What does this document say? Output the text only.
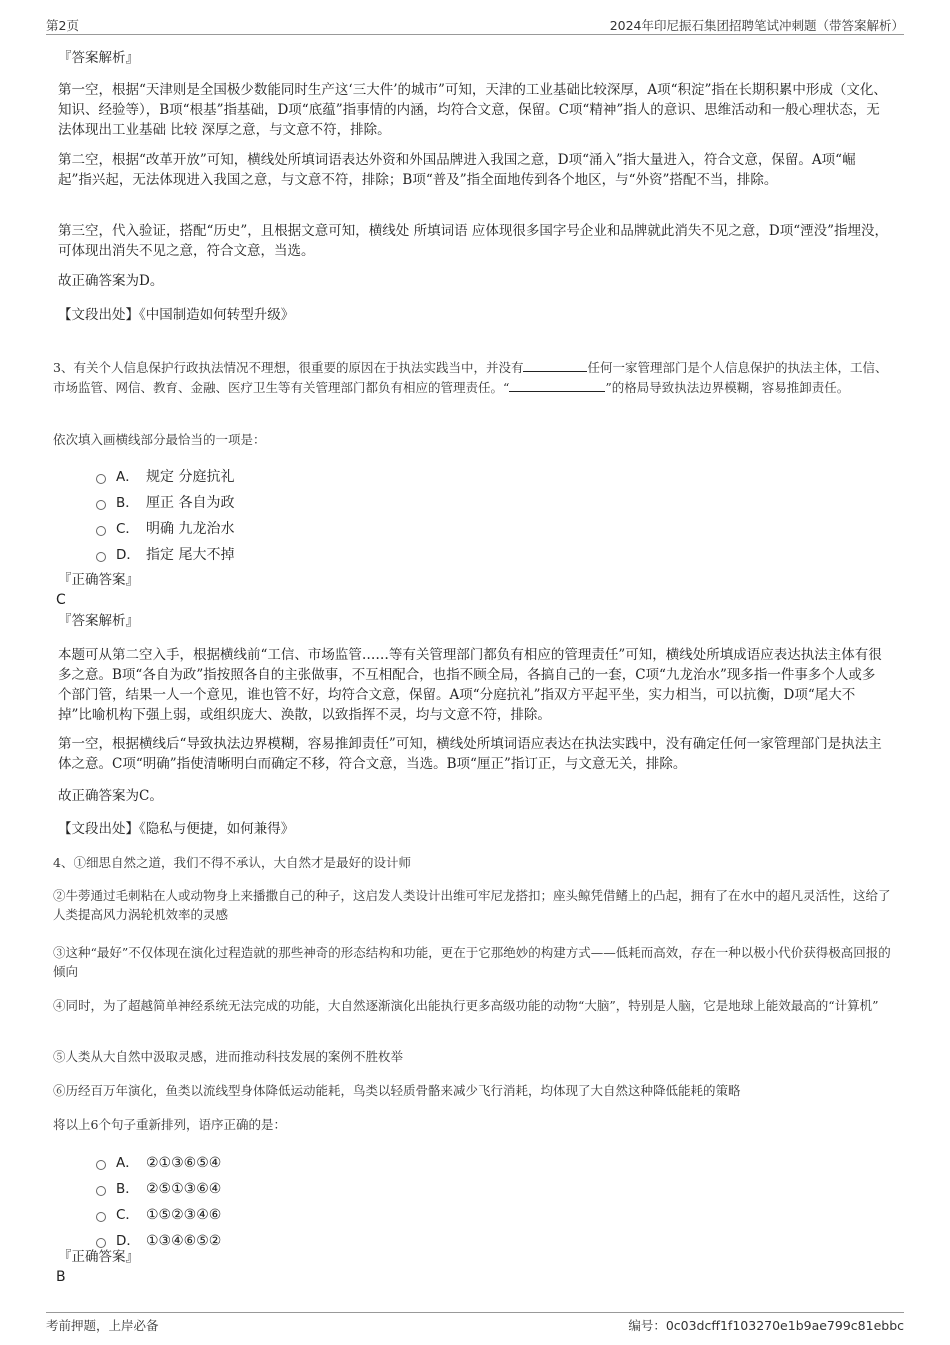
第2页	2024年印尼振石集团招聘笔试冲刺题（带答案解析）

『答案解析』

第一空，根据“天津则是全国极少数能同时生产这‘三大件’的城市”可知，天津的工业基础比较深厚，A项“积淀”指在长期积累中形成（文化、知识、经验等），B项“根基”指基础，D项“底蕴”指事情的内涵，均符合文意，保留。C项“精神”指人的意识、思维活动和一般心理状态，无法体现出工业基础 比较 深厚之意，与文意不符，排除。

第二空，根据“改革开放”可知，横线处所填词语表达外资和外国品牌进入我国之意，D项“涌入”指大量进入，符合文意，保留。A项“崛起”指兴起，无法体现进入我国之意，与文意不符，排除；B项“普及”指全面地传到各个地区，与“外资”搭配不当，排除。

第三空，代入验证，搭配“历史”，且根据文意可知，横线处 所填词语 应体现很多国字号企业和品牌就此消失不见之意，D项“湮没”指埋没，可体现出消失不见之意，符合文意，当选。

故正确答案为D。

【文段出处】《中国制造如何转型升级》

3、有关个人信息保护行政执法情况不理想，很重要的原因在于执法实践当中，并没有	任何一家管理部门是个人信息保护的执法主体，工信、市场监管、网信、教育、金融、医疗卫生等有关管理部门都负有相应的管理责任。“	”的格局导致执法边界模糊，容易推卸责任。

依次填入画横线部分最恰当的一项是：

A． 规定 分庭抗礼
B． 厘正 各自为政
C． 明确 九龙治水
D． 指定 尾大不掉

『正确答案』

C

『答案解析』

本题可从第二空入手，根据横线前“工信、市场监管……等有关管理部门都负有相应的管理责任”可知，横线处所填成语应表达执法主体有很多之意。B项“各自为政”指按照各自的主张做事，不互相配合，也指不顾全局，各搞自己的一套，C项“九龙治水”现多指一件事多个人或多个部门管，结果一人一个意见，谁也管不好，均符合文意，保留。A项“分庭抗礼”指双方平起平坐，实力相当，可以抗衡，D项“尾大不掉”比喻机构下强上弱，或组织庞大、涣散，以致指挥不灵，均与文意不符，排除。

第一空，根据横线后“导致执法边界模糊，容易推卸责任”可知，横线处所填词语应表达在执法实践中，没有确定任何一家管理部门是执法主体之意。C项“明确”指使清晰明白而确定不移，符合文意，当选。B项“厘正”指订正，与文意无关，排除。

故正确答案为C。

【文段出处】《隐私与便捷，如何兼得》

4、①细思自然之道，我们不得不承认，大自然才是最好的设计师

②牛蒡通过毛刺粘在人或动物身上来播撒自己的种子，这启发人类设计出维可牢尼龙搭扣；座头鲸凭借鳍上的凸起，拥有了在水中的超凡灵活性，这给了人类提高风力涡轮机效率的灵感

③这种“最好”不仅体现在演化过程造就的那些神奇的形态结构和功能，更在于它那绝妙的构建方式——低耗而高效，存在一种以极小代价获得极高回报的倾向

④同时，为了超越简单神经系统无法完成的功能，大自然逐渐演化出能执行更多高级功能的动物“大脑”，特别是人脑，它是地球上能效最高的“计算机”

⑤人类从大自然中汲取灵感，进而推动科技发展的案例不胜枚举

⑥历经百万年演化，鱼类以流线型身体降低运动能耗，鸟类以轻质骨骼来减少飞行消耗，均体现了大自然这种降低能耗的策略

将以上6个句子重新排列，语序正确的是：

A． ②①③⑥⑤④
B． ②⑤①③⑥④
C． ①⑤②③④⑥
D． ①③④⑥⑤②

『正确答案』

B

考前押题，上岸必备	编号：0c03dcff1f103270e1b9ae799c81ebbc
